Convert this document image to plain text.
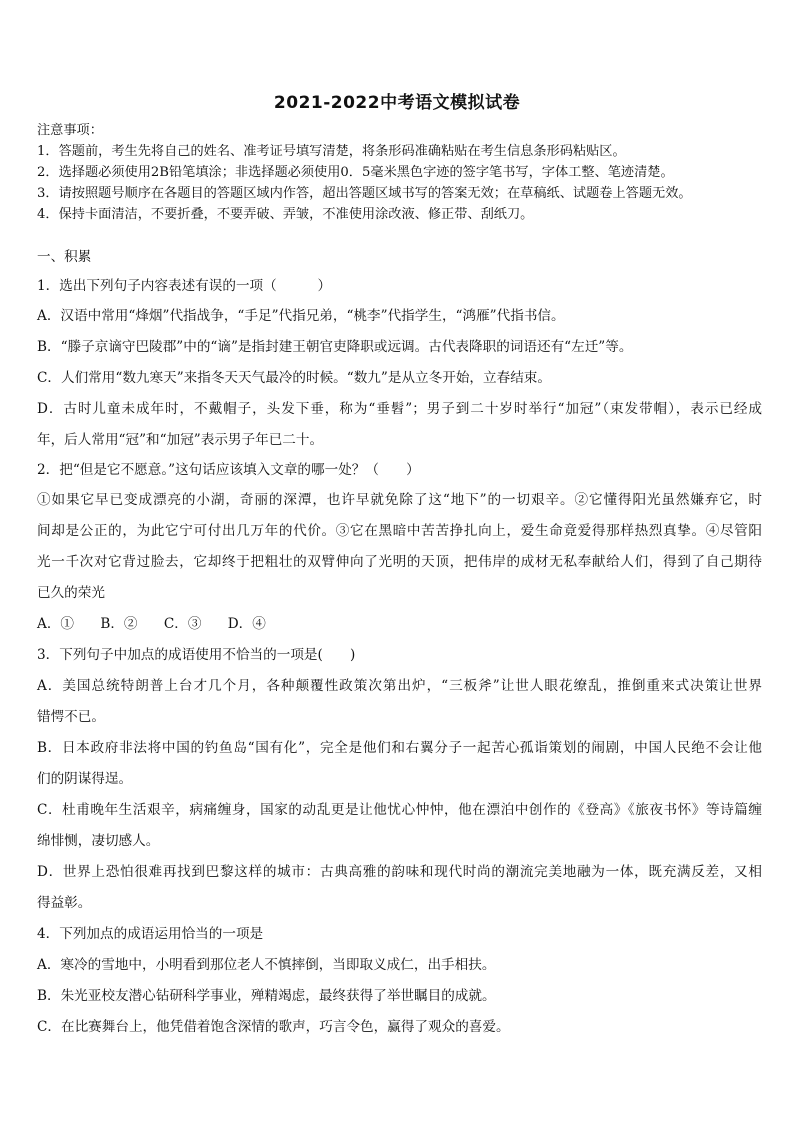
2021-2022中考语文模拟试卷
注意事项：
1．答题前，考生先将自己的姓名、准考证号填写清楚，将条形码准确粘贴在考生信息条形码粘贴区。
2．选择题必须使用2B铅笔填涂；非选择题必须使用0．5毫米黑色字迹的签字笔书写，字体工整、笔迹清楚。
3．请按照题号顺序在各题目的答题区域内作答，超出答题区域书写的答案无效；在草稿纸、试题卷上答题无效。
4．保持卡面清洁，不要折叠，不要弄破、弄皱，不准使用涂改液、修正带、刮纸刀。
一、积累
1．选出下列句子内容表述有误的一项（　　　）
A．汉语中常用“烽烟”代指战争，“手足”代指兄弟，“桃李”代指学生，“鸿雁”代指书信。
B．“滕子京谪守巴陵郡”中的“谪”是指封建王朝官吏降职或远调。古代表降职的词语还有“左迁”等。
C．人们常用“数九寒天”来指冬天天气最冷的时候。“数九”是从立冬开始，立春结束。
D．古时儿童未成年时，不戴帽子，头发下垂，称为“垂髫”；男子到二十岁时举行“加冠”（束发带帽），表示已经成
年，后人常用“冠”和“加冠”表示男子年已二十。
2．把“但是它不愿意。”这句话应该填入文章的哪一处？（　　）
①如果它早已变成漂亮的小湖，奇丽的深潭，也许早就免除了这“地下”的一切艰辛。②它懂得阳光虽然嫌弃它，时
间却是公正的，为此它宁可付出几万年的代价。③它在黑暗中苦苦挣扎向上，爱生命竟爱得那样热烈真挚。④尽管阳
光一千次对它背过脸去，它却终于把粗壮的双臂伸向了光明的天顶，把伟岸的成材无私奉献给人们，得到了自己期待
已久的荣光
A．① B．② C．③ D．④
3．下列句子中加点的成语使用不恰当的一项是(　　)
A．美国总统特朗普上台才几个月，各种颠覆性政策次第出炉，“三板斧”让世人眼花缭乱，推倒重来式决策让世界
错愕不已。
B．日本政府非法将中国的钓鱼岛“国有化”，完全是他们和右翼分子一起苦心孤诣策划的闹剧，中国人民绝不会让他
们的阴谋得逞。
C．杜甫晚年生活艰辛，病痛缠身，国家的动乱更是让他忧心忡忡，他在漂泊中创作的《登高》《旅夜书怀》等诗篇缠
绵悱恻，凄切感人。
D．世界上恐怕很难再找到巴黎这样的城市：古典高雅的韵味和现代时尚的潮流完美地融为一体，既充满反差，又相
得益彰。
4．下列加点的成语运用恰当的一项是
A．寒冷的雪地中，小明看到那位老人不慎摔倒，当即取义成仁，出手相扶。
B．朱光亚校友潜心钻研科学事业，殚精竭虑，最终获得了举世瞩目的成就。
C．在比赛舞台上，他凭借着饱含深情的歌声，巧言令色，赢得了观众的喜爱。
